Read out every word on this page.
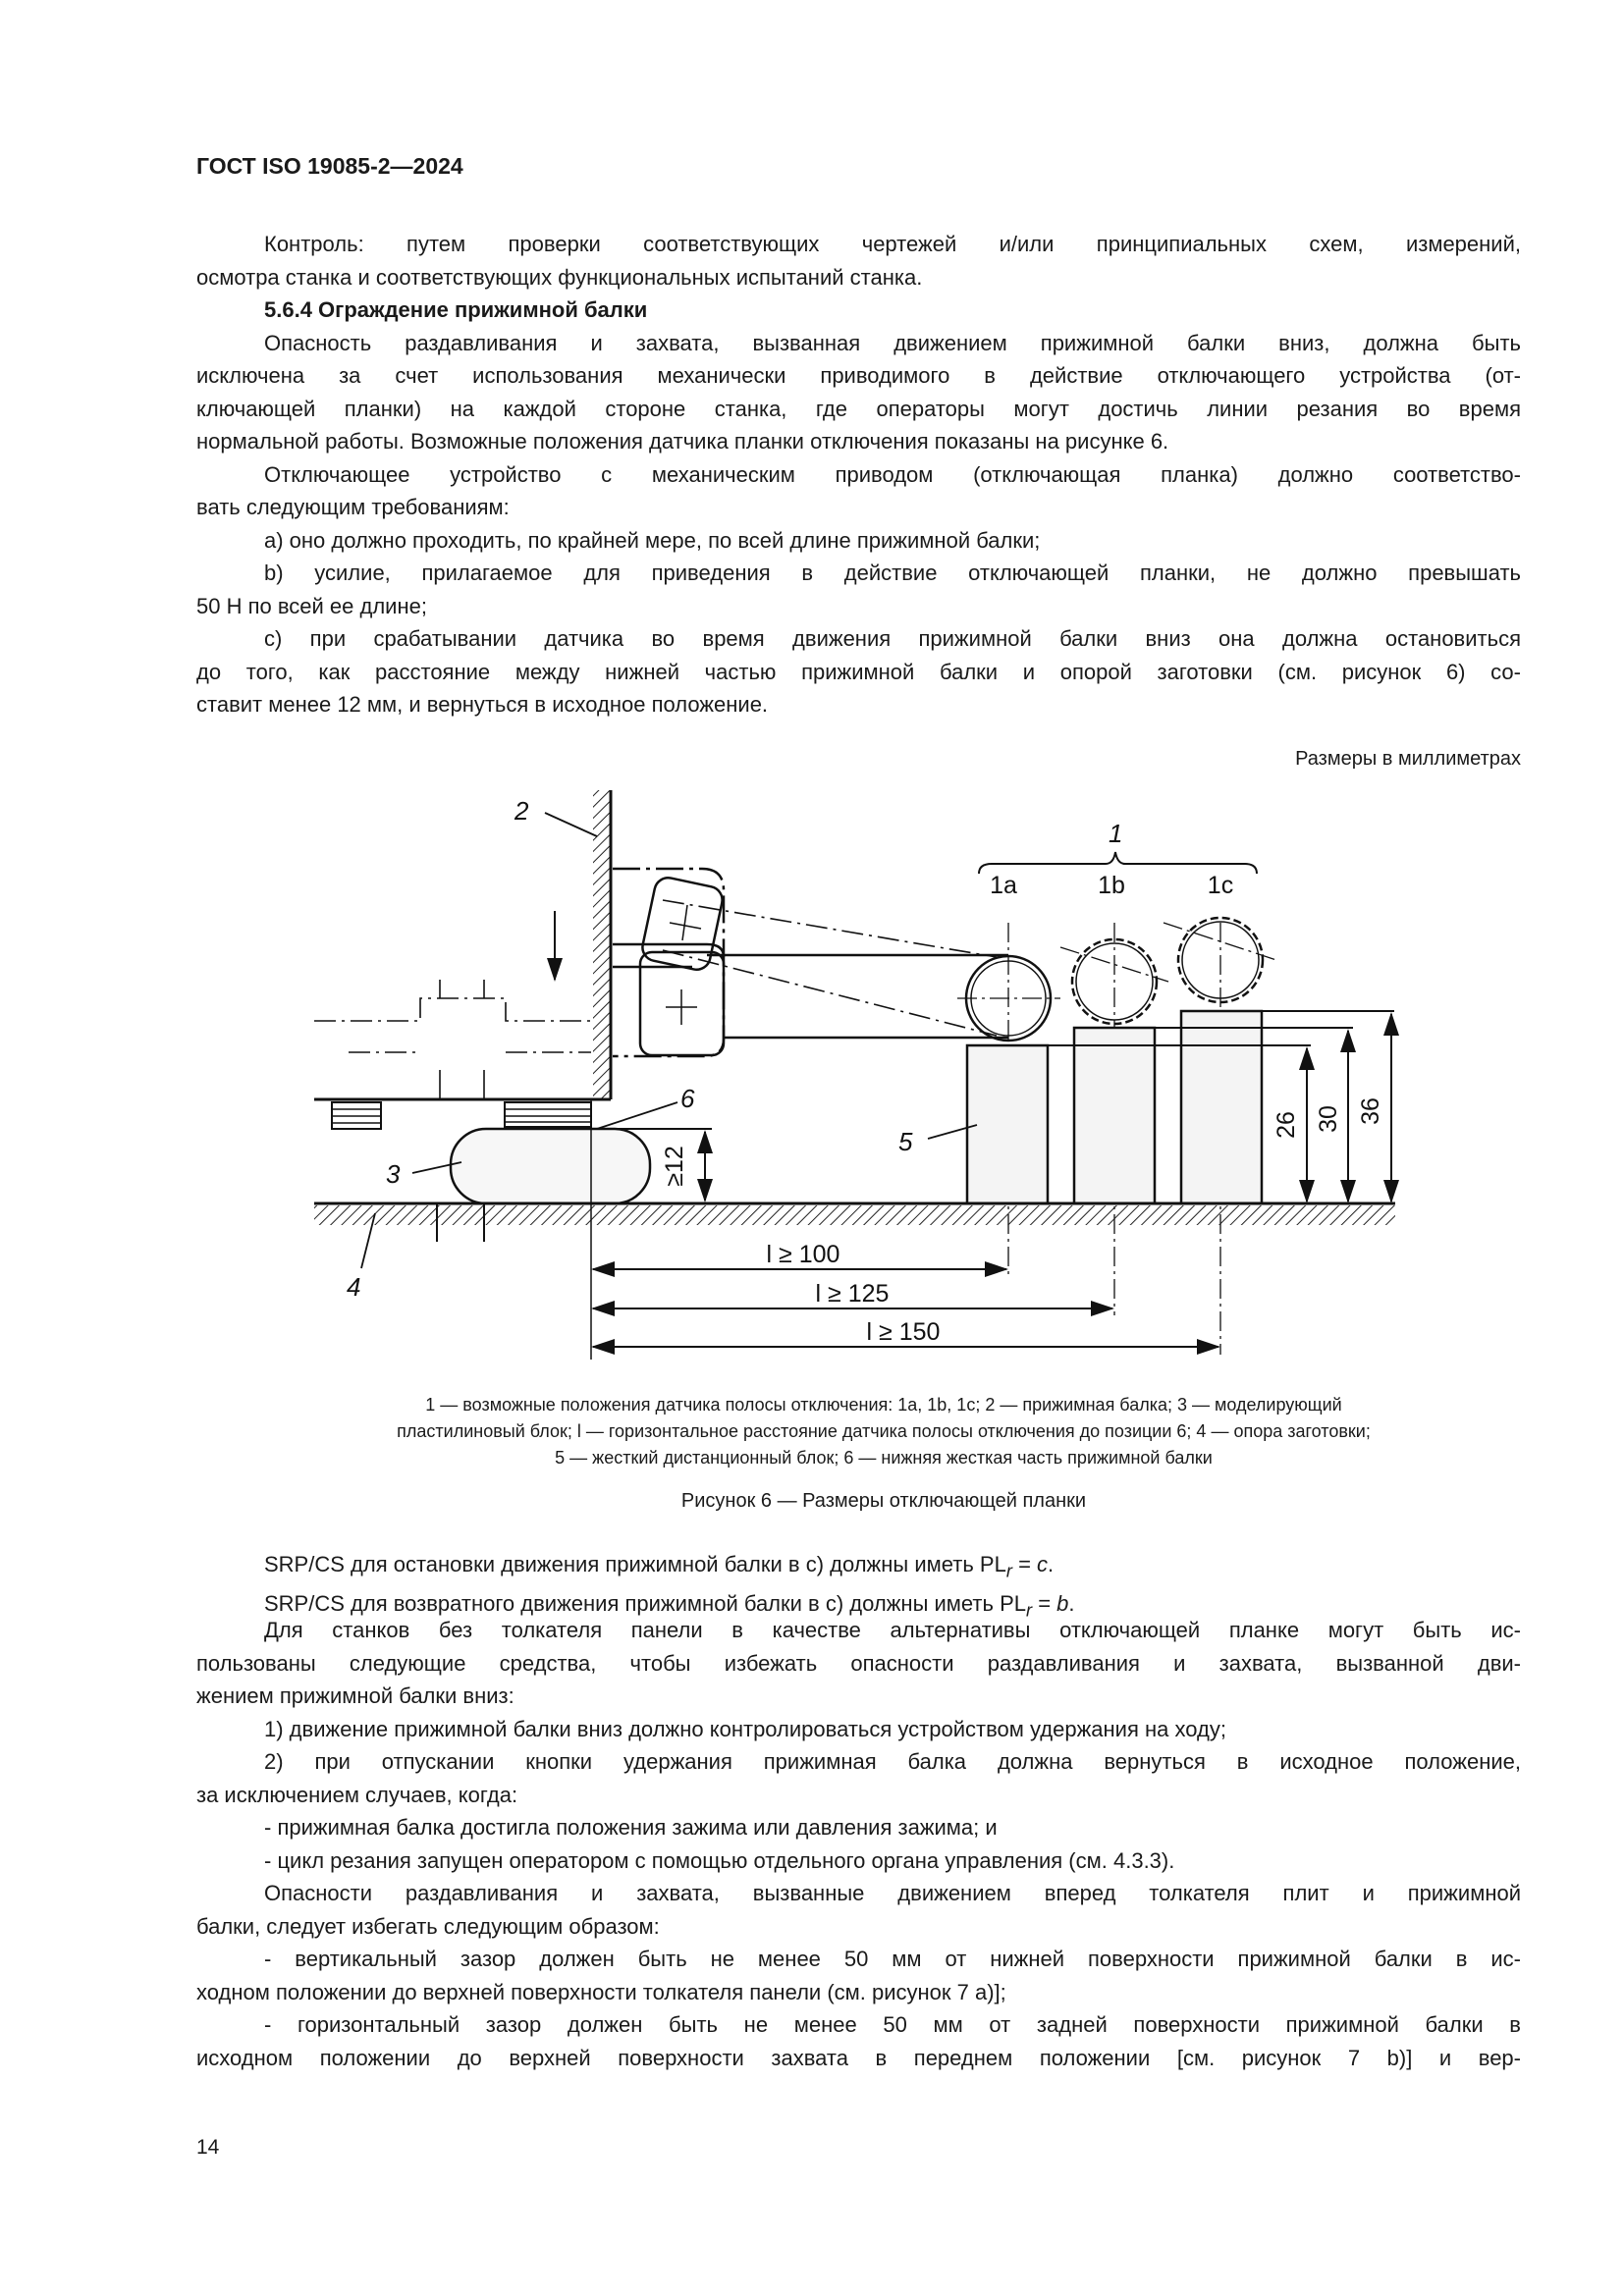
ГОСТ ISO 19085-2—2024
Контроль: путем проверки соответствующих чертежей и/или принципиальных схем, измерений,
осмотра станка и соответствующих функциональных испытаний станка.
5.6.4 Ограждение прижимной балки
Опасность раздавливания и захвата, вызванная движением прижимной балки вниз, должна быть
исключена за счет использования механически приводимого в действие отключающего устройства (от-
ключающей планки) на каждой стороне станка, где операторы могут достичь линии резания во время
нормальной работы. Возможные положения датчика планки отключения показаны на рисунке 6.
Отключающее устройство с механическим приводом (отключающая планка) должно соответство-
вать следующим требованиям:
a) оно должно проходить, по крайней мере, по всей длине прижимной балки;
b) усилие, прилагаемое для приведения в действие отключающей планки, не должно превышать
50 Н по всей ее длине;
c) при срабатывании датчика во время движения прижимной балки вниз она должна остановиться
до того, как расстояние между нижней частью прижимной балки и опорой заготовки (см. рисунок 6) со-
ставит менее 12 мм, и вернуться в исходное положение.
Размеры в миллиметрах
2
6
3
4
5
1
1a	1b	1c
≥12
26 30 36
l ≥ 100
l ≥ 125
l ≥ 150
1 — возможные положения датчика полосы отключения: 1a, 1b, 1c; 2 — прижимная балка; 3 — моделирующий
пластилиновый блок; l — горизонтальное расстояние датчика полосы отключения до позиции 6; 4 — опора заготовки;
5 — жесткий дистанционный блок; 6 — нижняя жесткая часть прижимной балки
Рисунок 6 — Размеры отключающей планки
SRP/CS для остановки движения прижимной балки в c) должны иметь $PL_r = c$.
SRP/CS для возвратного движения прижимной балки в c) должны иметь $PL_r = b$.
Для станков без толкателя панели в качестве альтернативы отключающей планке могут быть ис-
пользованы следующие средства, чтобы избежать опасности раздавливания и захвата, вызванной дви-
жением прижимной балки вниз:
1) движение прижимной балки вниз должно контролироваться устройством удержания на ходу;
2) при отпускании кнопки удержания прижимная балка должна вернуться в исходное положение,
за исключением случаев, когда:
- прижимная балка достигла положения зажима или давления зажима; и
- цикл резания запущен оператором с помощью отдельного органа управления (см. 4.3.3).
Опасности раздавливания и захвата, вызванные движением вперед толкателя плит и прижимной
балки, следует избегать следующим образом:
- вертикальный зазор должен быть не менее 50 мм от нижней поверхности прижимной балки в ис-
ходном положении до верхней поверхности толкателя панели (см. рисунок 7 a)];
- горизонтальный зазор должен быть не менее 50 мм от задней поверхности прижимной балки в
исходном положении до верхней поверхности захвата в переднем положении [см. рисунок 7 b)] и вер-
14
